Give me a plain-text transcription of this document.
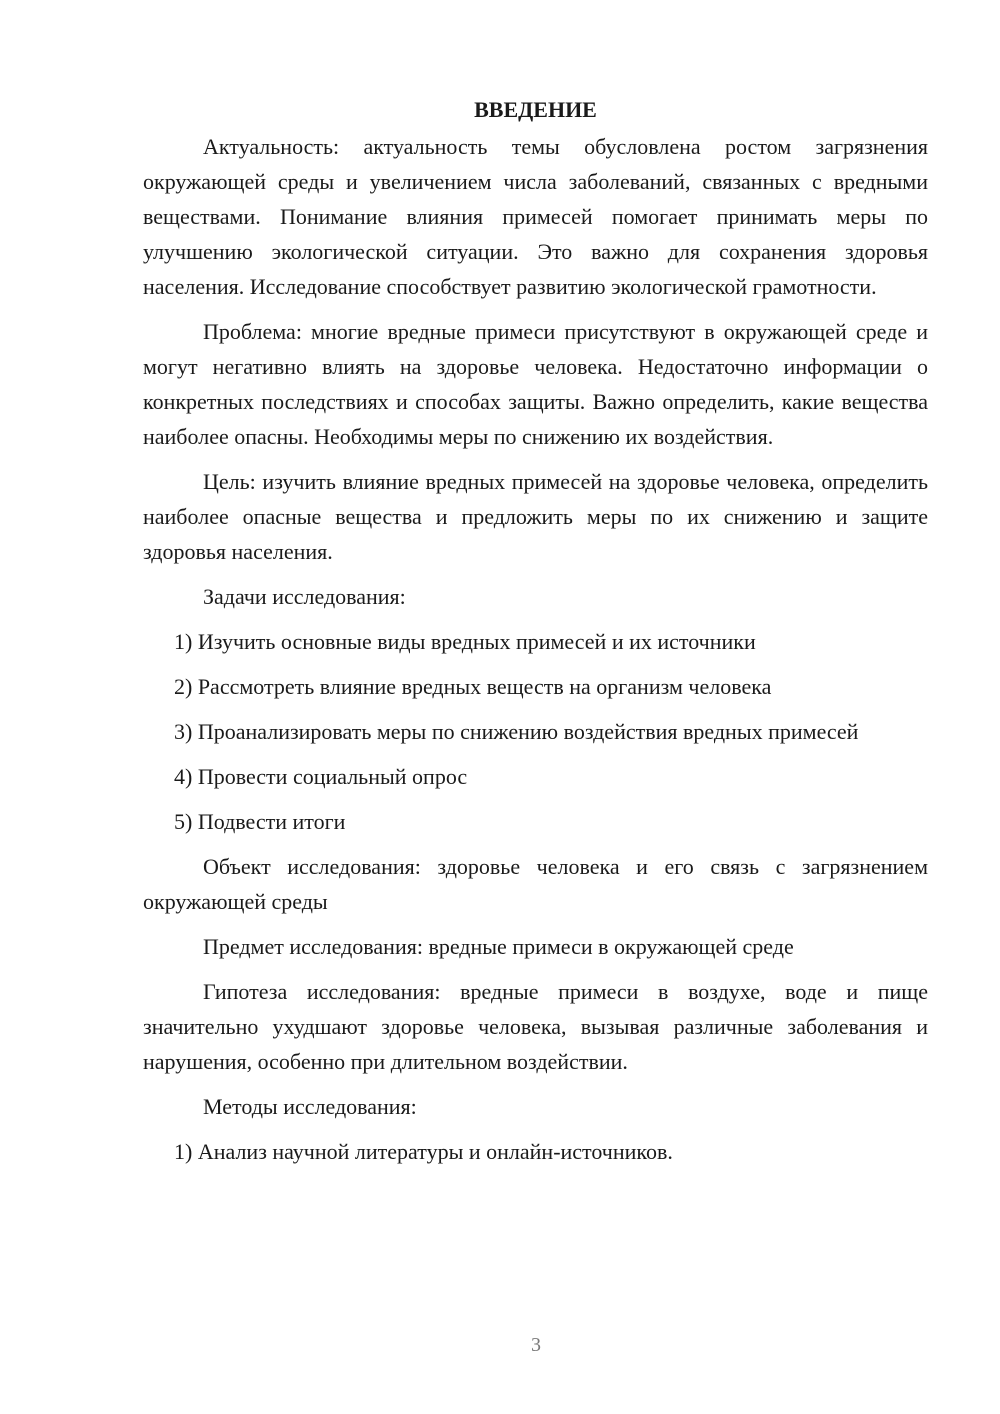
ВВЕДЕНИЕ

Актуальность: актуальность темы обусловлена ростом загрязнения окружающей среды и увеличением числа заболеваний, связанных с вредными веществами. Понимание влияния примесей помогает принимать меры по улучшению экологической ситуации. Это важно для сохранения здоровья населения. Исследование способствует развитию экологической грамотности.

Проблема: многие вредные примеси присутствуют в окружающей среде и могут негативно влиять на здоровье человека. Недостаточно информации о конкретных последствиях и способах защиты. Важно определить, какие вещества наиболее опасны. Необходимы меры по снижению их воздействия.

Цель: изучить влияние вредных примесей на здоровье человека, определить наиболее опасные вещества и предложить меры по их снижению и защите здоровья населения.

Задачи исследования:

1) Изучить основные виды вредных примесей и их источники

2) Рассмотреть влияние вредных веществ на организм человека

3) Проанализировать меры по снижению воздействия вредных примесей

4) Провести социальный опрос

5) Подвести итоги

Объект исследования: здоровье человека и его связь с загрязнением окружающей среды

Предмет исследования: вредные примеси в окружающей среде

Гипотеза исследования: вредные примеси в воздухе, воде и пище значительно ухудшают здоровье человека, вызывая различные заболевания и нарушения, особенно при длительном воздействии.

Методы исследования:

1) Анализ научной литературы и онлайн-источников.

3
